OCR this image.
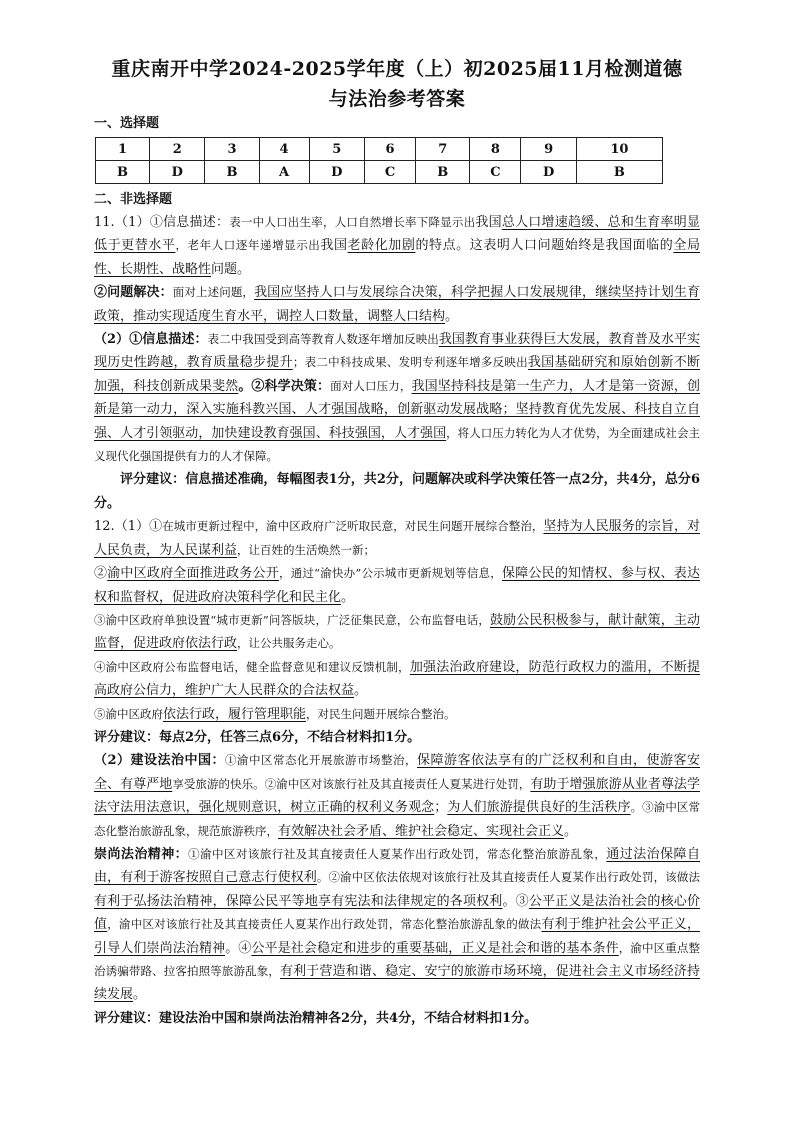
重庆南开中学2024-2025学年度（上）初2025届11月检测道德
与法治参考答案
一、选择题
1	2	3	4	5	6	7	8	9	10
B	D	B	A	D	C	B	C	D	B
二、非选择题

11.（1）①信息描述：表一中人口出生率，人口自然增长率下降显示出我国总人口增速趋缓、总和生育率明显低于更替水平，老年人口逐年递增显示出我国老龄化加剧的特点。这表明人口问题始终是我国面临的全局性、长期性、战略性问题。

②问题解决：面对上述问题，我国应坚持人口与发展综合决策，科学把握人口发展规律，继续坚持计划生育政策，推动实现适度生育水平，调控人口数量，调整人口结构。

（2）①信息描述：表二中我国受到高等教育人数逐年增加反映出我国教育事业获得巨大发展，教育普及水平实现历史性跨越，教育质量稳步提升；表二中科技成果、发明专利逐年增多反映出我国基础研究和原始创新不断加强，科技创新成果斐然。②科学决策：面对人口压力，我国坚持科技是第一生产力，人才是第一资源，创新是第一动力，深入实施科教兴国、人才强国战略，创新驱动发展战略；坚持教育优先发展、科技自立自强、人才引领驱动，加快建设教育强国、科技强国，人才强国，将人口压力转化为人才优势，为全面建成社会主义现代化强国提供有力的人才保障。

评分建议：信息描述准确，每幅图表1分，共2分，问题解决或科学决策任答一点2分，共4分，总分6分。

12.（1）①在城市更新过程中，渝中区政府广泛听取民意，对民生问题开展综合整治，坚持为人民服务的宗旨，对人民负责，为人民谋利益，让百姓的生活焕然一新；

②渝中区政府全面推进政务公开，通过“渝快办”公示城市更新规划等信息，保障公民的知情权、参与权、表达权和监督权，促进政府决策科学化和民主化。

③渝中区政府单独设置“城市更新”问答版块，广泛征集民意，公布监督电话，鼓励公民积极参与，献计献策，主动监督，促进政府依法行政，让公共服务走心。

④渝中区政府公布监督电话，健全监督意见和建议反馈机制，加强法治政府建设，防范行政权力的滥用，不断提高政府公信力，维护广大人民群众的合法权益。

⑤渝中区政府依法行政，履行管理职能，对民生问题开展综合整治。

评分建议：每点2分，任答三点6分，不结合材料扣1分。

（2）建设法治中国：①渝中区常态化开展旅游市场整治，保障游客依法享有的广泛权利和自由，使游客安全、有尊严地享受旅游的快乐。②渝中区对该旅行社及其直接责任人夏某进行处罚，有助于增强旅游从业者尊法学法守法用法意识，强化规则意识，树立正确的权利义务观念；为人们旅游提供良好的生活秩序。③渝中区常态化整治旅游乱象，规范旅游秩序，有效解决社会矛盾、维护社会稳定、实现社会正义。

崇尚法治精神：①渝中区对该旅行社及其直接责任人夏某作出行政处罚，常态化整治旅游乱象，通过法治保障自由，有利于游客按照自己意志行使权利。②渝中区依法依规对该旅行社及其直接责任人夏某作出行政处罚，该做法有利于弘扬法治精神，保障公民平等地享有宪法和法律规定的各项权利。③公平正义是法治社会的核心价值，渝中区对该旅行社及其直接责任人夏某作出行政处罚，常态化整治旅游乱象的做法有利于维护社会公平正义，引导人们崇尚法治精神。④公平是社会稳定和进步的重要基础，正义是社会和谐的基本条件，渝中区重点整治诱骗带路、拉客拍照等旅游乱象，有利于营造和谐、稳定、安宁的旅游市场环境，促进社会主义市场经济持续发展。

评分建议：建设法治中国和崇尚法治精神各2分，共4分，不结合材料扣1分。
